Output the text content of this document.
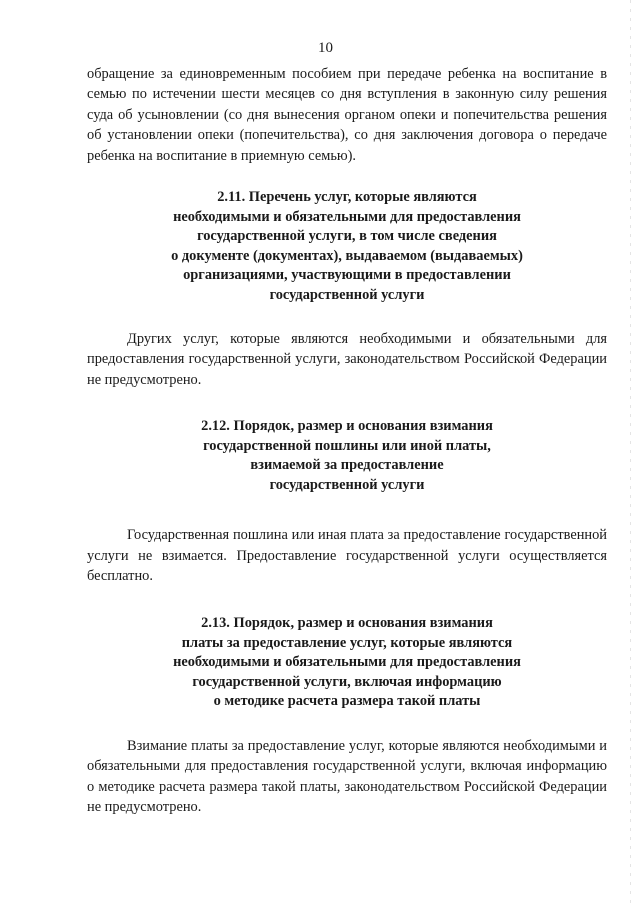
10

обращение за единовременным пособием при передаче ребенка на воспитание в семью по истечении шести месяцев со дня вступления в законную силу решения суда об усыновлении (со дня вынесения органом опеки и попечительства решения об установлении опеки (попечительства), со дня заключения договора о передаче ребенка на воспитание в приемную семью).

2.11. Перечень услуг, которые являются
необходимыми и обязательными для предоставления
государственной услуги, в том числе сведения
о документе (документах), выдаваемом (выдаваемых)
организациями, участвующими в предоставлении
государственной услуги

Других услуг, которые являются необходимыми и обязательными для предоставления государственной услуги, законодательством Российской Федерации не предусмотрено.

2.12. Порядок, размер и основания взимания
государственной пошлины или иной платы,
взимаемой за предоставление
государственной услуги

Государственная пошлина или иная плата за предоставление государственной услуги не взимается. Предоставление государственной услуги осуществляется бесплатно.

2.13. Порядок, размер и основания взимания
платы за предоставление услуг, которые являются
необходимыми и обязательными для предоставления
государственной услуги, включая информацию
о методике расчета размера такой платы

Взимание платы за предоставление услуг, которые являются необходимыми и обязательными для предоставления государственной услуги, включая информацию о методике расчета размера такой платы, законодательством Российской Федерации не предусмотрено.
